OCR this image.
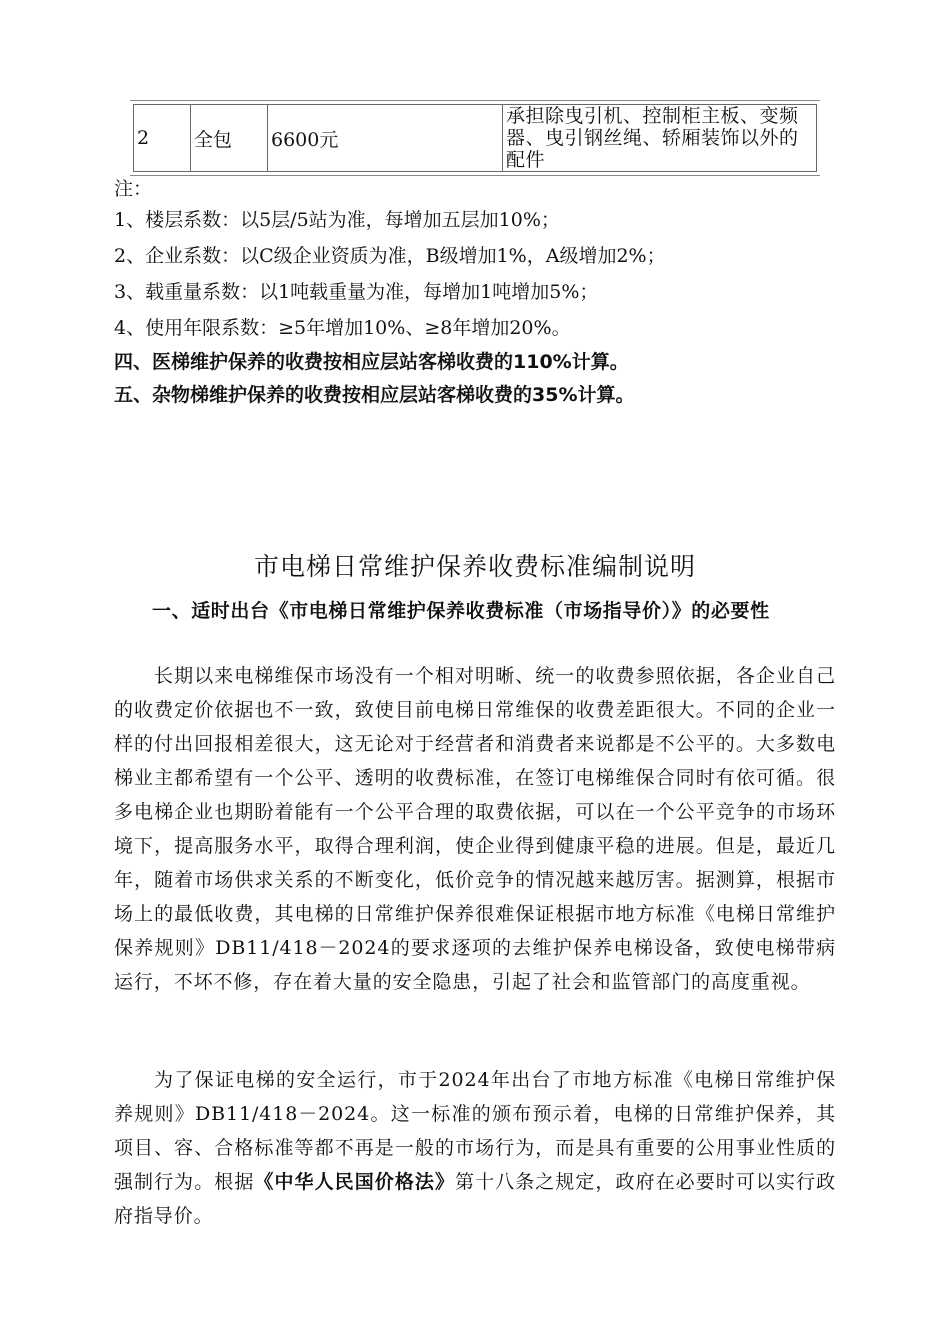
2	全包	6600元
承担除曳引机、控制柜主板、变频器、曳引钢丝绳、轿厢装饰以外的配件
注：
1、楼层系数：以5层/5站为准，每增加五层加10%；
2、企业系数：以C级企业资质为准，B级增加1%，A级增加2%；
3、载重量系数：以1吨载重量为准，每增加1吨增加5%；
4、使用年限系数：≥5年增加10%、≥8年增加20%。
四、医梯维护保养的收费按相应层站客梯收费的110%计算。
五、杂物梯维护保养的收费按相应层站客梯收费的35%计算。
市电梯日常维护保养收费标准编制说明
一、适时出台《市电梯日常维护保养收费标准（市场指导价）》的必要性
长期以来电梯维保市场没有一个相对明晰、统一的收费参照依据，各企业自己的收费定价依据也不一致，致使目前电梯日常维保的收费差距很大。不同的企业一样的付出回报相差很大，这无论对于经营者和消费者来说都是不公平的。大多数电梯业主都希望有一个公平、透明的收费标准，在签订电梯维保合同时有依可循。很多电梯企业也期盼着能有一个公平合理的取费依据，可以在一个公平竞争的市场环境下，提高服务水平，取得合理利润，使企业得到健康平稳的进展。但是，最近几年，随着市场供求关系的不断变化，低价竞争的情况越来越厉害。据测算，根据市场上的最低收费，其电梯的日常维护保养很难保证根据市地方标准《电梯日常维护保养规则》DB11/418－2024的要求逐项的去维护保养电梯设备，致使电梯带病运行，不坏不修，存在着大量的安全隐患，引起了社会和监管部门的高度重视。
为了保证电梯的安全运行，市于2024年出台了市地方标准《电梯日常维护保养规则》DB11/418－2024。这一标准的颁布预示着，电梯的日常维护保养，其项目、容、合格标准等都不再是一般的市场行为，而是具有重要的公用事业性质的强制行为。根据《中华人民国价格法》第十八条之规定，政府在必要时可以实行政府指导价。
